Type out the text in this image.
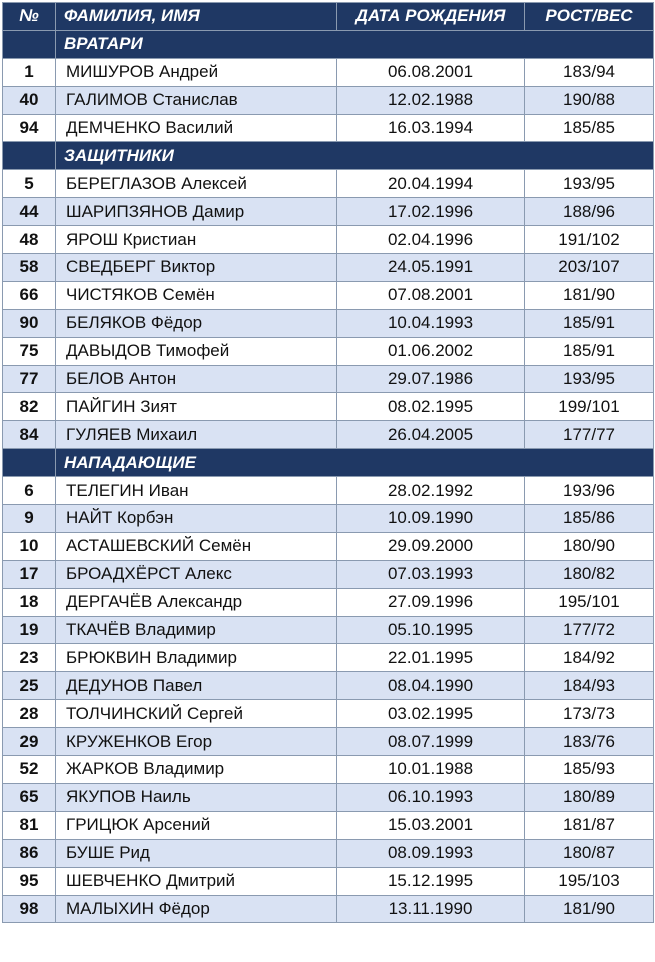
№	ФАМИЛИЯ, ИМЯ	ДАТА РОЖДЕНИЯ	РОСТ/ВЕС
	ВРАТАРИ		
1	МИШУРОВ Андрей	06.08.2001	183/94
40	ГАЛИМОВ Станислав	12.02.1988	190/88
94	ДЕМЧЕНКО Василий	16.03.1994	185/85
	ЗАЩИТНИКИ		
5	БЕРЕГЛАЗОВ Алексей	20.04.1994	193/95
44	ШАРИПЗЯНОВ Дамир	17.02.1996	188/96
48	ЯРОШ Кристиан	02.04.1996	191/102
58	СВЕДБЕРГ Виктор	24.05.1991	203/107
66	ЧИСТЯКОВ Семён	07.08.2001	181/90
90	БЕЛЯКОВ Фёдор	10.04.1993	185/91
75	ДАВЫДОВ Тимофей	01.06.2002	185/91
77	БЕЛОВ Антон	29.07.1986	193/95
82	ПАЙГИН Зият	08.02.1995	199/101
84	ГУЛЯЕВ Михаил	26.04.2005	177/77
	НАПАДАЮЩИЕ		
6	ТЕЛЕГИН Иван	28.02.1992	193/96
9	НАЙТ Корбэн	10.09.1990	185/86
10	АСТАШЕВСКИЙ Семён	29.09.2000	180/90
17	БРОАДХЁРСТ Алекс	07.03.1993	180/82
18	ДЕРГАЧЁВ Александр	27.09.1996	195/101
19	ТКАЧЁВ Владимир	05.10.1995	177/72
23	БРЮКВИН Владимир	22.01.1995	184/92
25	ДЕДУНОВ Павел	08.04.1990	184/93
28	ТОЛЧИНСКИЙ Сергей	03.02.1995	173/73
29	КРУЖЕНКОВ Егор	08.07.1999	183/76
52	ЖАРКОВ Владимир	10.01.1988	185/93
65	ЯКУПОВ Наиль	06.10.1993	180/89
81	ГРИЦЮК Арсений	15.03.2001	181/87
86	БУШЕ Рид	08.09.1993	180/87
95	ШЕВЧЕНКО Дмитрий	15.12.1995	195/103
98	МАЛЫХИН Фёдор	13.11.1990	181/90
